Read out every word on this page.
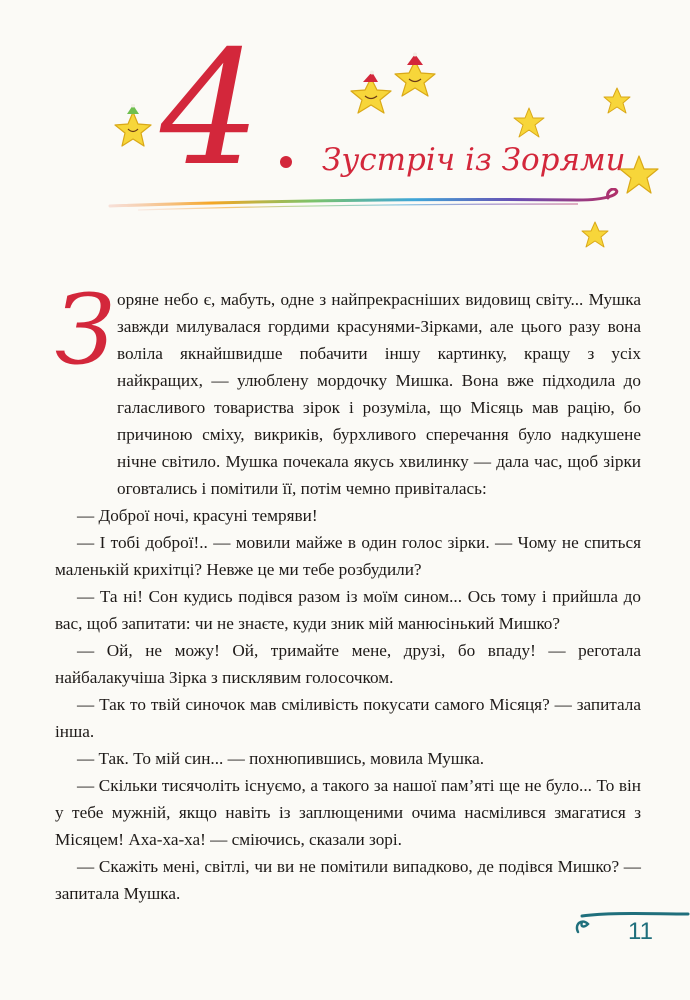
4 Зустріч із Зорями
З оряне небо є, мабуть, одне з найпрекрасніших видовищ світу... Мушка завжди милувалася гордими красунями-Зірками, але цього разу вона воліла якнайшвидше побачити іншу картинку, кращу з усіх найкращих, — улюблену мордочку Мишка. Вона вже підходила до галасливого товариства зірок і розуміла, що Місяць мав рацію, бо причиною сміху, викриків, бурхливого сперечання було надкушене нічне світило. Мушка почекала якусь хвилинку — дала час, щоб зірки оговтались і помітили її, потім чемно привіталась:

— Доброї ночі, красуні темряви!

— І тобі доброї!.. — мовили майже в один голос зірки. — Чому не спиться маленькій крихітці? Невже це ми тебе розбудили?

— Та ні! Сон кудись подівся разом із моїм сином... Ось тому і прийшла до вас, щоб запитати: чи не знаєте, куди зник мій манюсінький Мишко?

— Ой, не можу! Ой, тримайте мене, друзі, бо впаду! — реготала найбалакучіша Зірка з писклявим голосочком.

— Так то твій синочок мав сміливість покусати самого Місяця? — запитала інша.

— Так. То мій син... — похнюпившись, мовила Мушка.

— Скільки тисячоліть існуємо, а такого за нашої пам’яті ще не було... То він у тебе мужній, якщо навіть із заплющеними очима насмілився змагатися з Місяцем! Аха-ха-ха! — сміючись, сказали зорі.

— Скажіть мені, світлі, чи ви не помітили випадково, де подівся Мишко? — запитала Мушка.

11
